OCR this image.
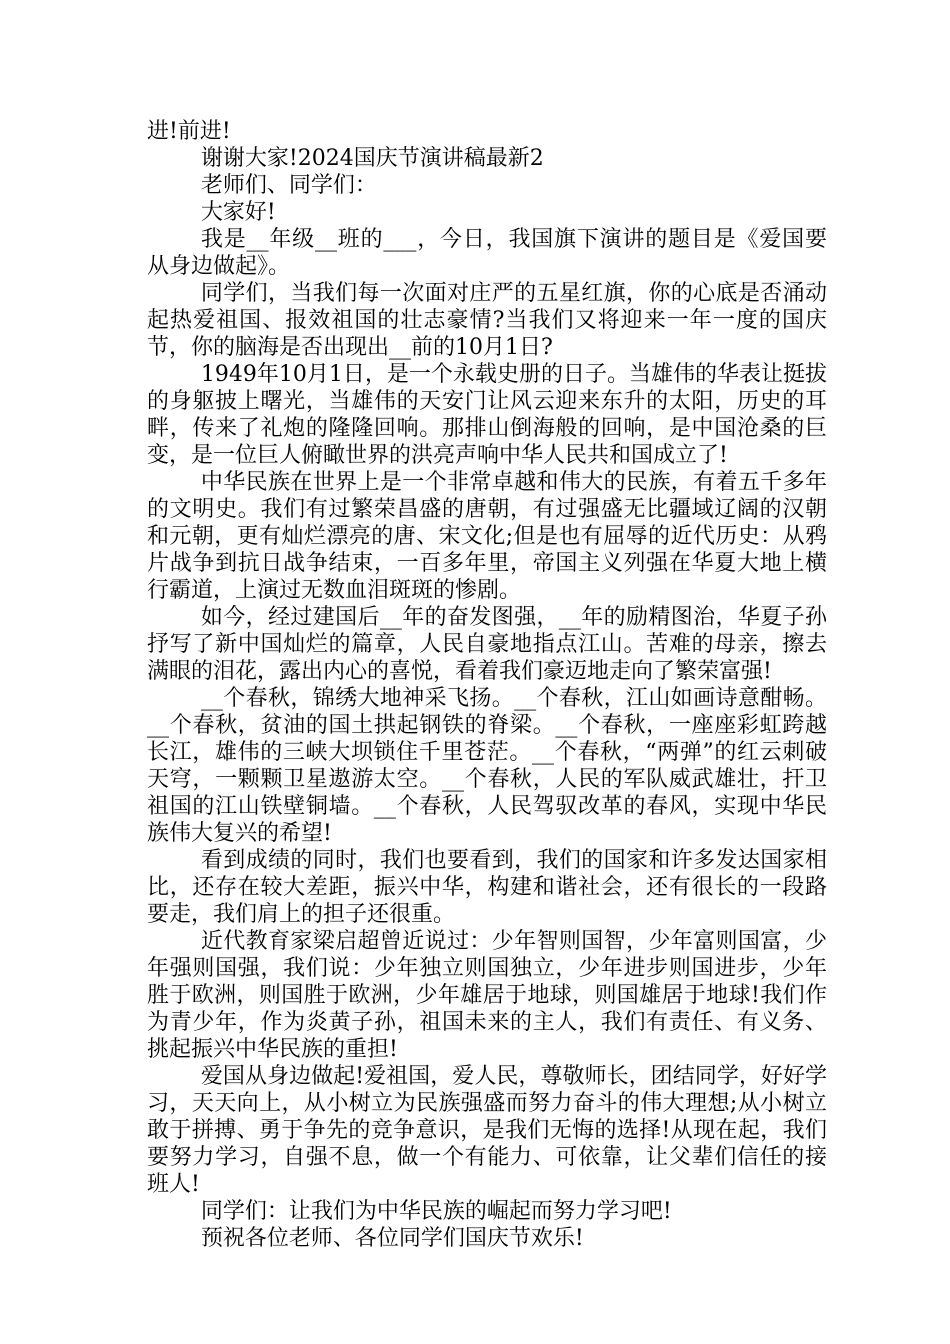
进!前进!

谢谢大家!2024国庆节演讲稿最新2

老师们、同学们：

大家好!

我是__年级__班的___，今日，我国旗下演讲的题目是《爱国要从身边做起》。

同学们，当我们每一次面对庄严的五星红旗，你的心底是否涌动起热爱祖国、报效祖国的壮志豪情?当我们又将迎来一年一度的国庆节，你的脑海是否出现出__前的10月1日?

1949年10月1日，是一个永载史册的日子。当雄伟的华表让挺拔的身躯披上曙光，当雄伟的天安门让风云迎来东升的太阳，历史的耳畔，传来了礼炮的隆隆回响。那排山倒海般的回响，是中国沧桑的巨变，是一位巨人俯瞰世界的洪亮声响中华人民共和国成立了!

中华民族在世界上是一个非常卓越和伟大的民族，有着五千多年的文明史。我们有过繁荣昌盛的唐朝，有过强盛无比疆域辽阔的汉朝和元朝，更有灿烂漂亮的唐、宋文化;但是也有屈辱的近代历史：从鸦片战争到抗日战争结束，一百多年里，帝国主义列强在华夏大地上横行霸道，上演过无数血泪斑斑的惨剧。

如今，经过建国后__年的奋发图强，__年的励精图治，华夏子孙抒写了新中国灿烂的篇章，人民自豪地指点江山。苦难的母亲，擦去满眼的泪花，露出内心的喜悦，看着我们豪迈地走向了繁荣富强!

__个春秋，锦绣大地神采飞扬。__个春秋，江山如画诗意酣畅。__个春秋，贫油的国土拱起钢铁的脊梁。__个春秋，一座座彩虹跨越长江，雄伟的三峡大坝锁住千里苍茫。__个春秋，“两弹”的红云刺破天穹，一颗颗卫星遨游太空。__个春秋，人民的军队威武雄壮，扞卫祖国的江山铁壁铜墙。__个春秋，人民驾驭改革的春风，实现中华民族伟大复兴的希望!

看到成绩的同时，我们也要看到，我们的国家和许多发达国家相比，还存在较大差距，振兴中华，构建和谐社会，还有很长的一段路要走，我们肩上的担子还很重。

近代教育家梁启超曾近说过：少年智则国智，少年富则国富，少年强则国强，我们说：少年独立则国独立，少年进步则国进步，少年胜于欧洲，则国胜于欧洲，少年雄居于地球，则国雄居于地球!我们作为青少年，作为炎黄子孙，祖国未来的主人，我们有责任、有义务、挑起振兴中华民族的重担!

爱国从身边做起!爱祖国，爱人民，尊敬师长，团结同学，好好学习，天天向上，从小树立为民族强盛而努力奋斗的伟大理想;从小树立敢于拼搏、勇于争先的竞争意识，是我们无悔的选择!从现在起，我们要努力学习，自强不息，做一个有能力、可依靠，让父辈们信任的接班人!

同学们：让我们为中华民族的崛起而努力学习吧!

预祝各位老师、各位同学们国庆节欢乐!
